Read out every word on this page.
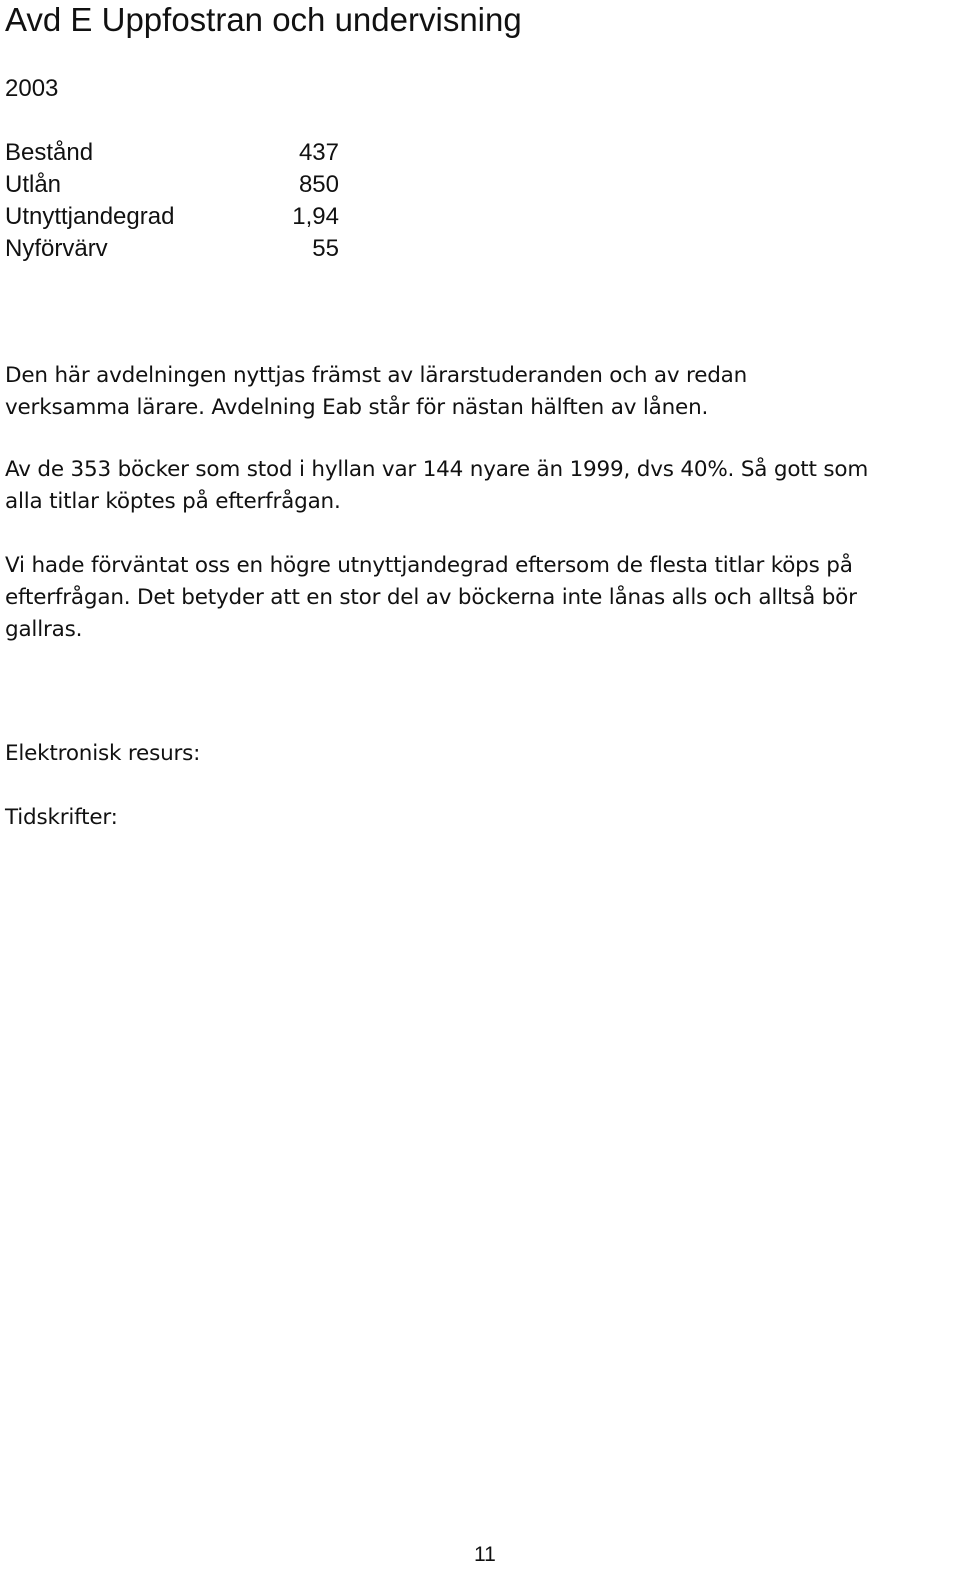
Avd E Uppfostran och undervisning
2003
Bestånd	437
Utlån	850
Utnyttjandegrad	1,94
Nyförvärv	55
Den här avdelningen nyttjas främst av lärarstuderanden och av redan
verksamma lärare. Avdelning Eab står för nästan hälften av lånen.
Av de 353 böcker som stod i hyllan var 144 nyare än 1999, dvs 40%. Så gott som
alla titlar köptes på efterfrågan.
Vi hade förväntat oss en högre utnyttjandegrad eftersom de flesta titlar köps på
efterfrågan. Det betyder att en stor del av böckerna inte lånas alls och alltså bör
gallras.
Elektronisk resurs:
Tidskrifter:
11
